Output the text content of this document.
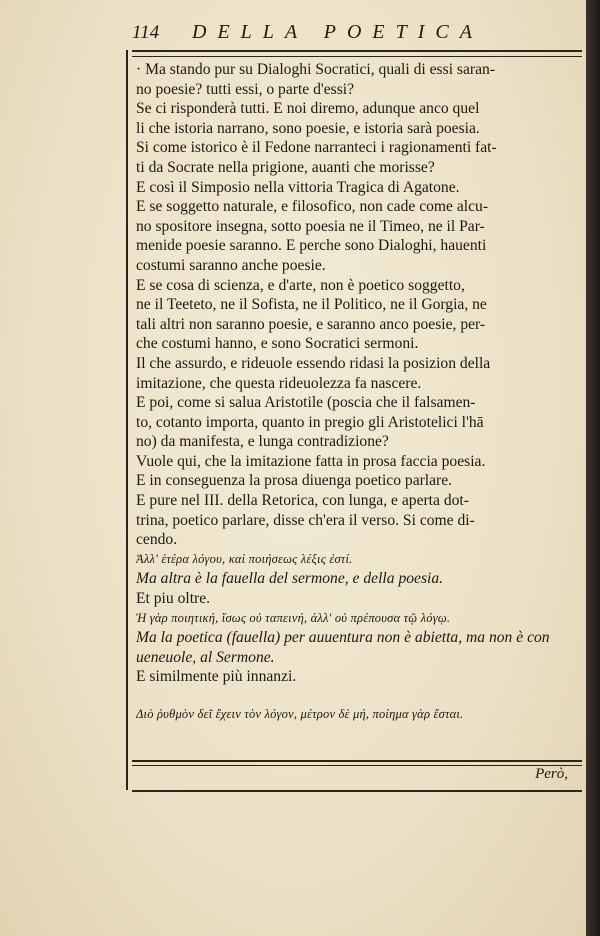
114 DELLA POETICA
· Ma stando pur su Dialoghi Socratici, quali di essi saran-
no poesie? tutti essi, o parte d'essi?
Se ci risponderà tutti. E noi diremo, adunque anco quel
li che istoria narrano, sono poesie, e istoria sarà poesia.
Si come istorico è il Fedone narranteci i ragionamenti fat-
ti da Socrate nella prigione, auanti che morisse?
E così il Simposio nella vittoria Tragica di Agatone.
E se soggetto naturale, e filosofico, non cade come alcu-
no spositore insegna, sotto poesia ne il Timeo, ne il Par-
menide poesie saranno. E perche sono Dialoghi, hauenti
costumi saranno anche poesie.
E se cosa di scienza, e d'arte, non è poetico soggetto,
ne il Teeteto, ne il Sofista, ne il Politico, ne il Gorgia, ne
tali altri non saranno poesie, e saranno anco poesie, per-
che costumi hanno, e sono Socratici sermoni.
Il che assurdo, e rideuole essendo ridasi la posizion della
imitazione, che questa rideuolezza fa nascere.
E poi, come si salua Aristotile (poscia che il falsamen-
to, cotanto importa, quanto in pregio gli Aristotelici l'hā
no) da manifesta, e lunga contradizione?
Vuole qui, che la imitazione fatta in prosa faccia poesia.
E in conseguenza la prosa diuenga poetico parlare.
E pure nel III. della Retorica, con lunga, e aperta dot-
trina, poetico parlare, disse ch'era il verso. Si come di-
cendo.
Ἀλλ' ἑτέρα λόγου, καὶ ποιήσεως λέξις ἐστί.
Ma altra è la fauella del sermone, e della poesia.
Et piu oltre.
Ἡ γὰρ ποιητική, ἴσως οὐ ταπεινή, ἀλλ' οὐ πρέπουσα τῷ λόγῳ.
Ma la poetica (fauella) per auuentura non è abietta, ma non è con
ueneuole, al Sermone.
E similmente più innanzi.
Διὸ ῥυθμὸν δεῖ ἔχειν τὸν λόγον, μέτρον δὲ μή, ποίημα γὰρ ἔσται.
Però,
